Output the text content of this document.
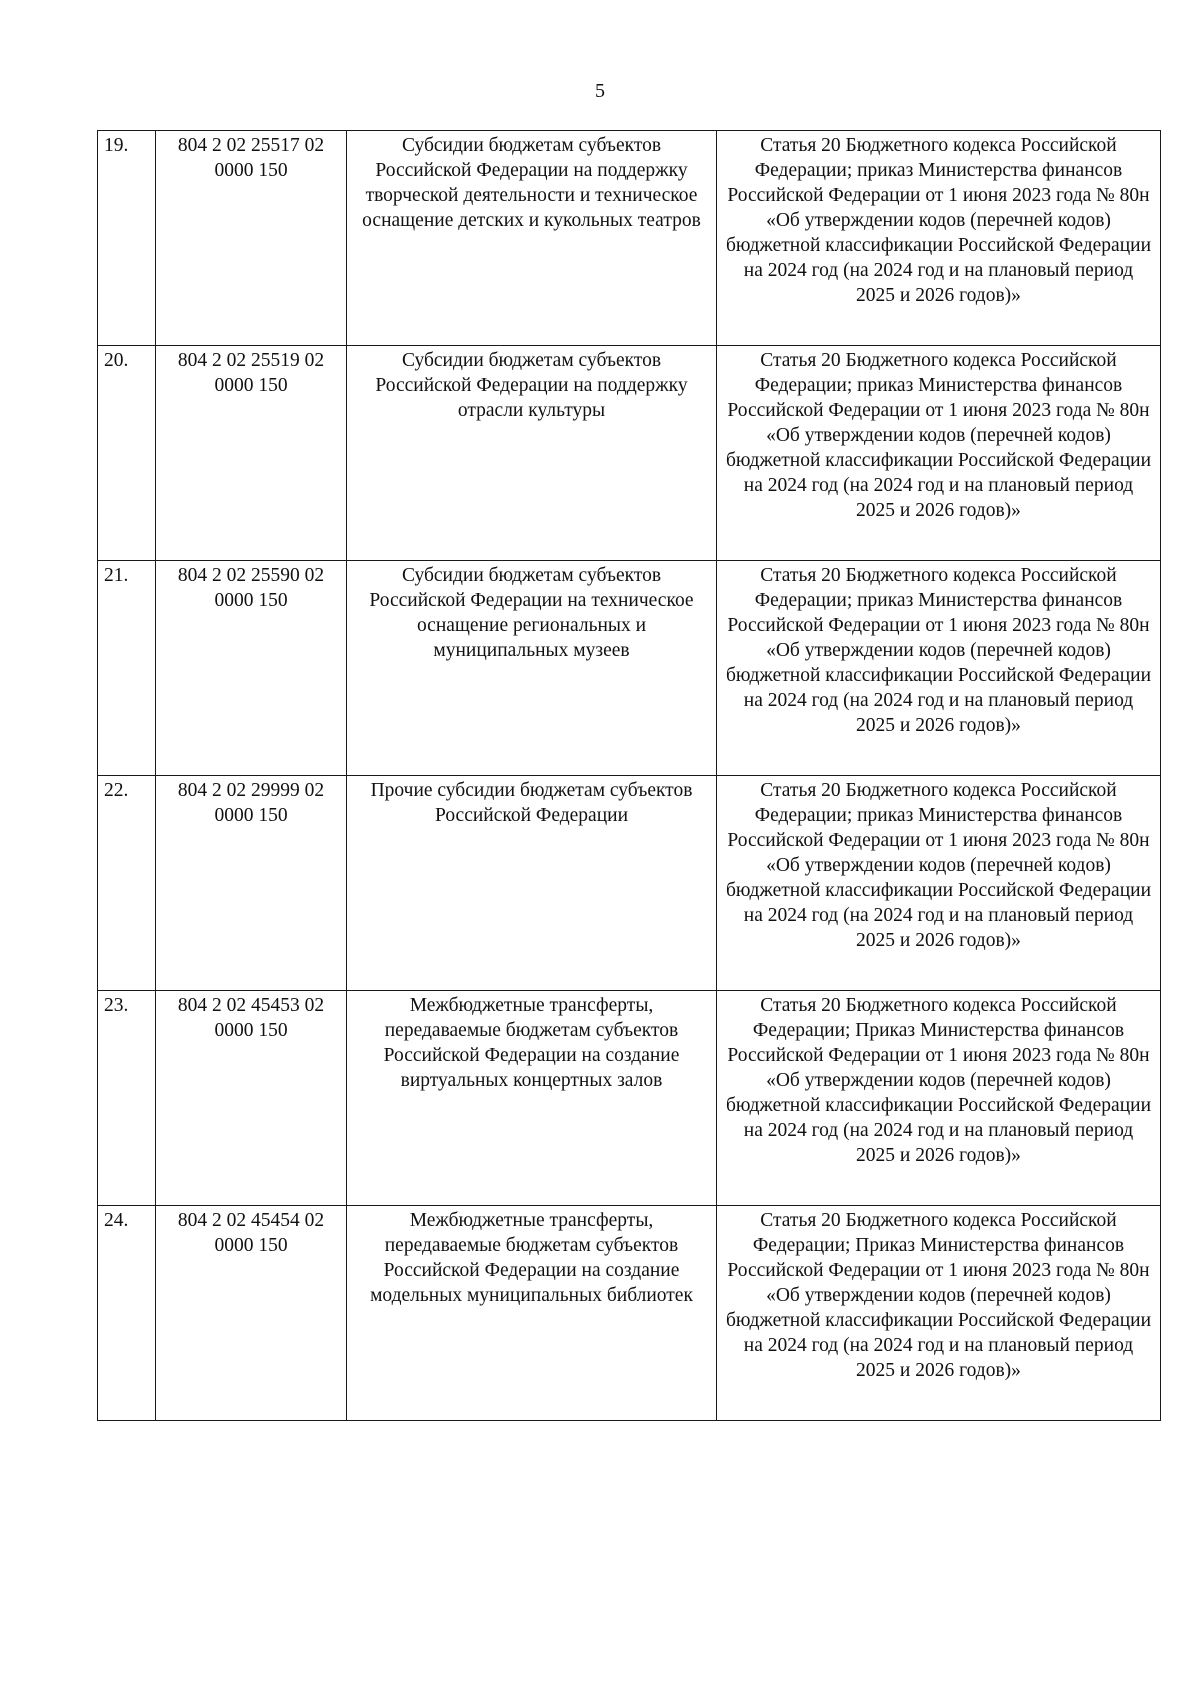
5
19.	804 2 02 25517 02 0000 150	Субсидии бюджетам субъектов Российской Федерации на поддержку творческой деятельности и техническое оснащение детских и кукольных театров	Статья 20 Бюджетного кодекса Российской Федерации; приказ Министерства финансов Российской Федерации от 1 июня 2023 года № 80н «Об утверждении кодов (перечней кодов) бюджетной классификации Российской Федерации на 2024 год (на 2024 год и на плановый период 2025 и 2026 годов)»
20.	804 2 02 25519 02 0000 150	Субсидии бюджетам субъектов Российской Федерации на поддержку отрасли культуры	Статья 20 Бюджетного кодекса Российской Федерации; приказ Министерства финансов Российской Федерации от 1 июня 2023 года № 80н «Об утверждении кодов (перечней кодов) бюджетной классификации Российской Федерации на 2024 год (на 2024 год и на плановый период 2025 и 2026 годов)»
21.	804 2 02 25590 02 0000 150	Субсидии бюджетам субъектов Российской Федерации на техническое оснащение региональных и муниципальных музеев	Статья 20 Бюджетного кодекса Российской Федерации; приказ Министерства финансов Российской Федерации от 1 июня 2023 года № 80н «Об утверждении кодов (перечней кодов) бюджетной классификации Российской Федерации на 2024 год (на 2024 год и на плановый период 2025 и 2026 годов)»
22.	804 2 02 29999 02 0000 150	Прочие субсидии бюджетам субъектов Российской Федерации	Статья 20 Бюджетного кодекса Российской Федерации; приказ Министерства финансов Российской Федерации от 1 июня 2023 года № 80н «Об утверждении кодов (перечней кодов) бюджетной классификации Российской Федерации на 2024 год (на 2024 год и на плановый период 2025 и 2026 годов)»
23.	804 2 02 45453 02 0000 150	Межбюджетные трансферты, передаваемые бюджетам субъектов Российской Федерации на создание виртуальных концертных залов	Статья 20 Бюджетного кодекса Российской Федерации; Приказ Министерства финансов Российской Федерации от 1 июня 2023 года № 80н «Об утверждении кодов (перечней кодов) бюджетной классификации Российской Федерации на 2024 год (на 2024 год и на плановый период 2025 и 2026 годов)»
24.	804 2 02 45454 02 0000 150	Межбюджетные трансферты, передаваемые бюджетам субъектов Российской Федерации на создание модельных муниципальных библиотек	Статья 20 Бюджетного кодекса Российской Федерации; Приказ Министерства финансов Российской Федерации от 1 июня 2023 года № 80н «Об утверждении кодов (перечней кодов) бюджетной классификации Российской Федерации на 2024 год (на 2024 год и на плановый период 2025 и 2026 годов)»
